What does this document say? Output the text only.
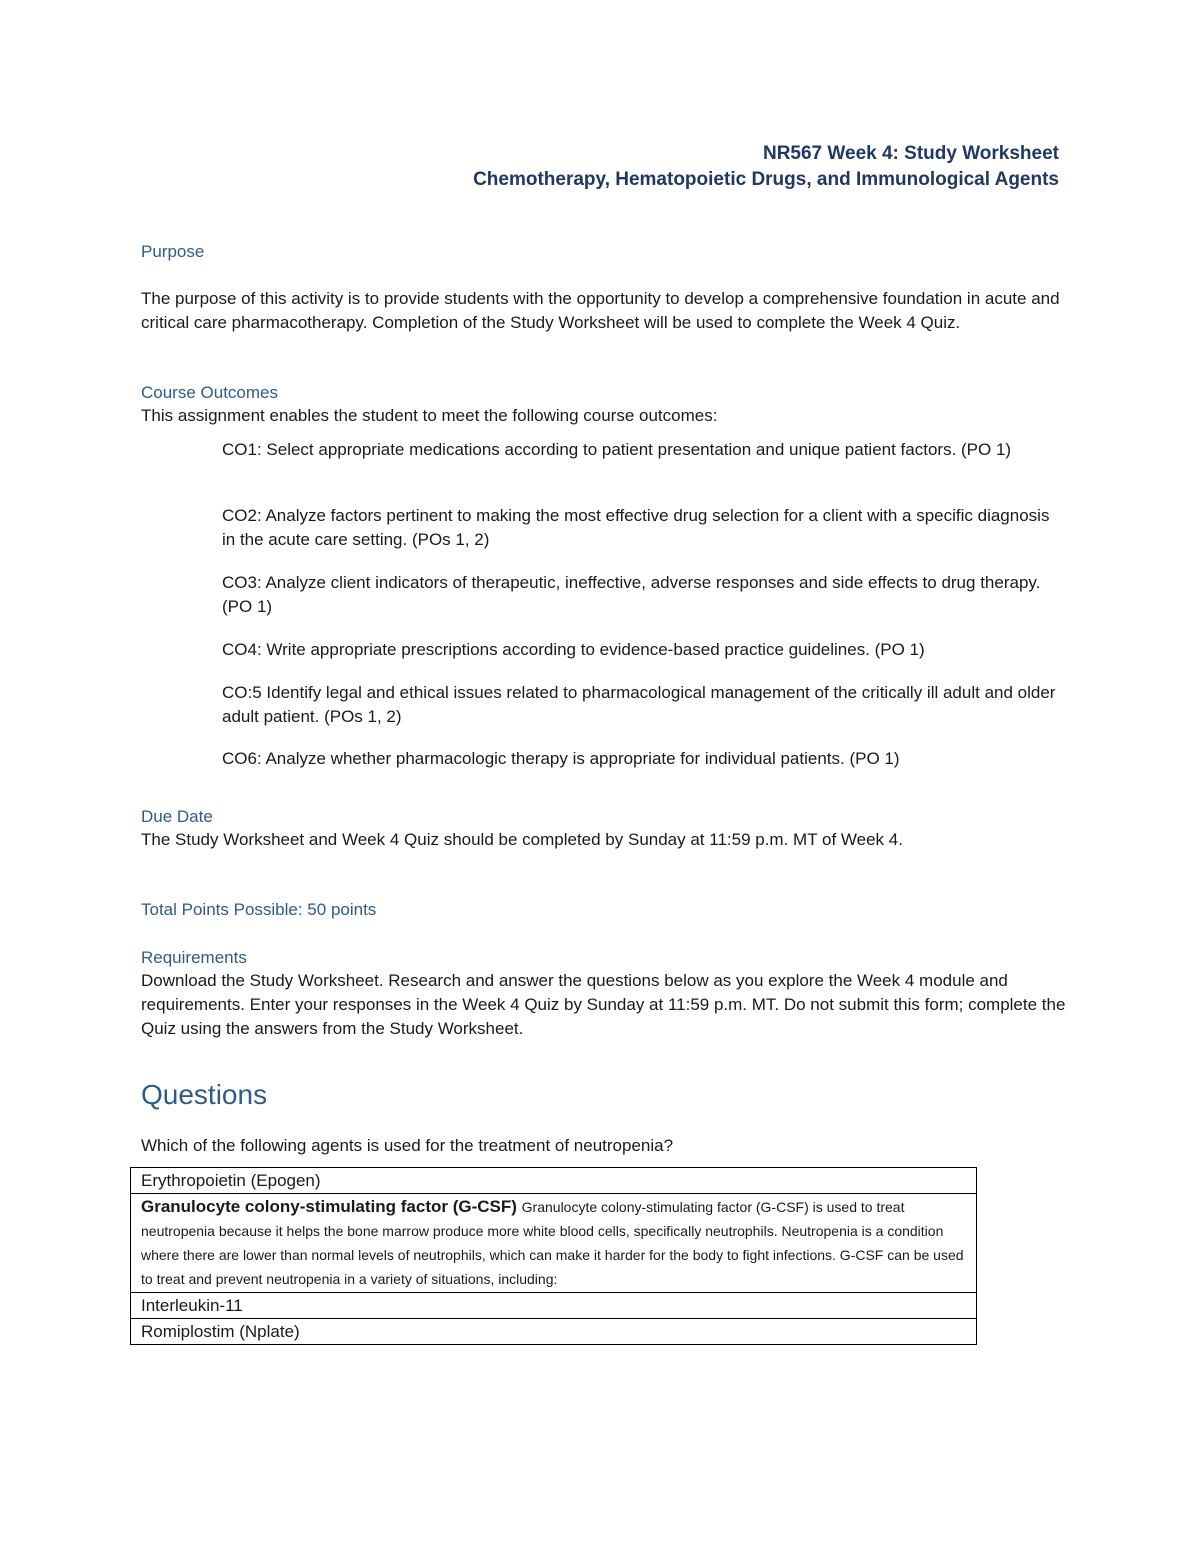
NR567 Week 4: Study Worksheet
Chemotherapy, Hematopoietic Drugs, and Immunological Agents
Purpose
The purpose of this activity is to provide students with the opportunity to develop a comprehensive foundation in acute and critical care pharmacotherapy. Completion of the Study Worksheet will be used to complete the Week 4 Quiz.
Course Outcomes
This assignment enables the student to meet the following course outcomes:
CO1: Select appropriate medications according to patient presentation and unique patient factors. (PO 1)
CO2: Analyze factors pertinent to making the most effective drug selection for a client with a specific diagnosis in the acute care setting. (POs 1, 2)
CO3: Analyze client indicators of therapeutic, ineffective, adverse responses and side effects to drug therapy. (PO 1)
CO4: Write appropriate prescriptions according to evidence-based practice guidelines. (PO 1)
CO:5 Identify legal and ethical issues related to pharmacological management of the critically ill adult and older adult patient. (POs 1, 2)
CO6: Analyze whether pharmacologic therapy is appropriate for individual patients. (PO 1)
Due Date
The Study Worksheet and Week 4 Quiz should be completed by Sunday at 11:59 p.m. MT of Week 4.
Total Points Possible: 50 points
Requirements
Download the Study Worksheet. Research and answer the questions below as you explore the Week 4 module and requirements. Enter your responses in the Week 4 Quiz by Sunday at 11:59 p.m. MT. Do not submit this form; complete the Quiz using the answers from the Study Worksheet.
Questions
Which of the following agents is used for the treatment of neutropenia?
Erythropoietin (Epogen)
Granulocyte colony-stimulating factor (G-CSF) Granulocyte colony-stimulating factor (G-CSF) is used to treat neutropenia because it helps the bone marrow produce more white blood cells, specifically neutrophils. Neutropenia is a condition where there are lower than normal levels of neutrophils, which can make it harder for the body to fight infections. G-CSF can be used to treat and prevent neutropenia in a variety of situations, including:
Interleukin-11
Romiplostim (Nplate)
